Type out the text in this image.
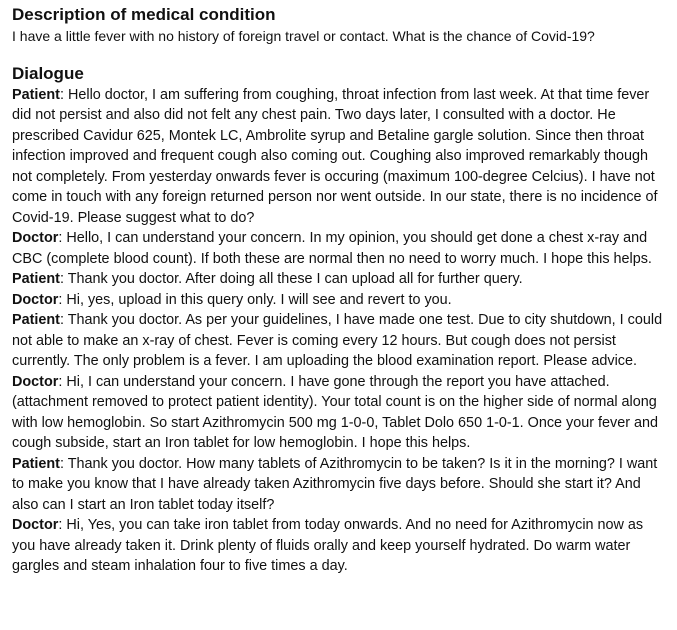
Description of medical condition

I have a little fever with no history of foreign travel or contact. What is the chance of Covid-19?

Dialogue

Patient: Hello doctor, I am suffering from coughing, throat infection from last week. At that time fever did not persist and also did not felt any chest pain. Two days later, I consulted with a doctor. He prescribed Cavidur 625, Montek LC, Ambrolite syrup and Betaline gargle solution. Since then throat infection improved and frequent cough also coming out. Coughing also improved remarkably though not completely. From yesterday onwards fever is occuring (maximum 100-degree Celcius). I have not come in touch with any foreign returned person nor went outside. In our state, there is no incidence of Covid-19. Please suggest what to do?

Doctor: Hello, I can understand your concern. In my opinion, you should get done a chest x-ray and CBC (complete blood count). If both these are normal then no need to worry much. I hope this helps.

Patient: Thank you doctor. After doing all these I can upload all for further query.

Doctor: Hi, yes, upload in this query only. I will see and revert to you.

Patient: Thank you doctor. As per your guidelines, I have made one test. Due to city shutdown, I could not able to make an x-ray of chest. Fever is coming every 12 hours. But cough does not persist currently. The only problem is a fever. I am uploading the blood examination report. Please advice.

Doctor: Hi, I can understand your concern. I have gone through the report you have attached. (attachment removed to protect patient identity). Your total count is on the higher side of normal along with low hemoglobin. So start Azithromycin 500 mg 1-0-0, Tablet Dolo 650 1-0-1. Once your fever and cough subside, start an Iron tablet for low hemoglobin. I hope this helps.

Patient: Thank you doctor. How many tablets of Azithromycin to be taken? Is it in the morning? I want to make you know that I have already taken Azithromycin five days before. Should she start it? And also can I start an Iron tablet today itself?

Doctor: Hi, Yes, you can take iron tablet from today onwards. And no need for Azithromycin now as you have already taken it. Drink plenty of fluids orally and keep yourself hydrated. Do warm water gargles and steam inhalation four to five times a day.
